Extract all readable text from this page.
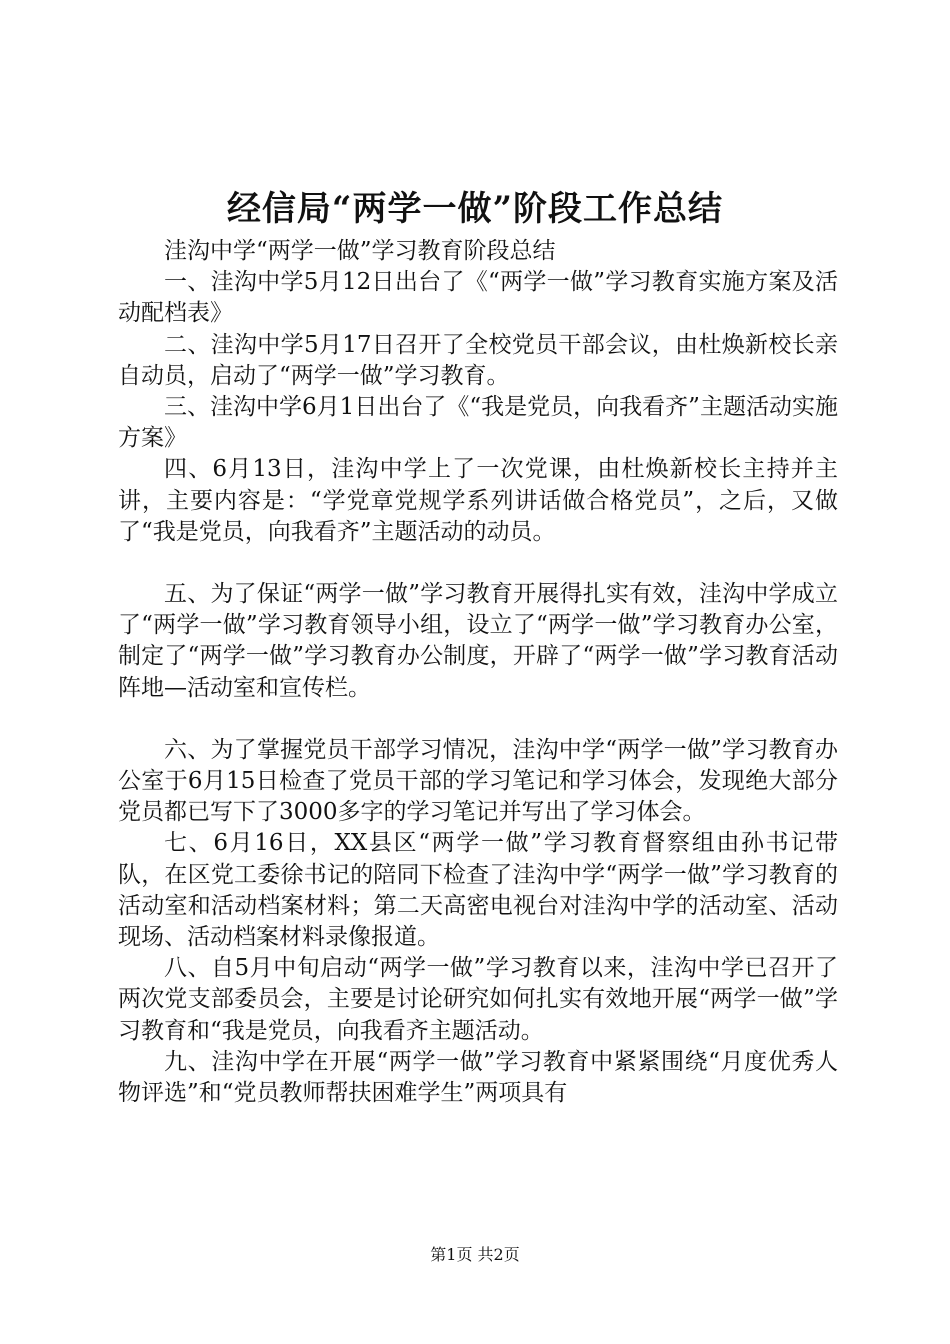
经信局“两学一做”阶段工作总结

洼沟中学“两学一做”学习教育阶段总结

一、洼沟中学5月12日出台了《“两学一做”学习教育实施方案及活动配档表》

二、洼沟中学5月17日召开了全校党员干部会议，由杜焕新校长亲自动员，启动了“两学一做”学习教育。

三、洼沟中学6月1日出台了《“我是党员，向我看齐”主题活动实施方案》

四、6月13日，洼沟中学上了一次党课，由杜焕新校长主持并主讲，主要内容是：“学党章党规学系列讲话做合格党员”，之后，又做了“我是党员，向我看齐”主题活动的动员。

五、为了保证“两学一做”学习教育开展得扎实有效，洼沟中学成立了“两学一做”学习教育领导小组，设立了“两学一做”学习教育办公室，制定了“两学一做”学习教育办公制度，开辟了“两学一做”学习教育活动阵地—活动室和宣传栏。

六、为了掌握党员干部学习情况，洼沟中学“两学一做”学习教育办公室于6月15日检查了党员干部的学习笔记和学习体会，发现绝大部分党员都已写下了3000多字的学习笔记并写出了学习体会。

七、6月16日，XX县区“两学一做”学习教育督察组由孙书记带队，在区党工委徐书记的陪同下检查了洼沟中学“两学一做”学习教育的活动室和活动档案材料；第二天高密电视台对洼沟中学的活动室、活动现场、活动档案材料录像报道。

八、自5月中旬启动“两学一做”学习教育以来，洼沟中学已召开了两次党支部委员会，主要是讨论研究如何扎实有效地开展“两学一做”学习教育和“我是党员，向我看齐主题活动。

九、洼沟中学在开展“两学一做”学习教育中紧紧围绕“月度优秀人物评选”和“党员教师帮扶困难学生”两项具有

第1页 共2页
